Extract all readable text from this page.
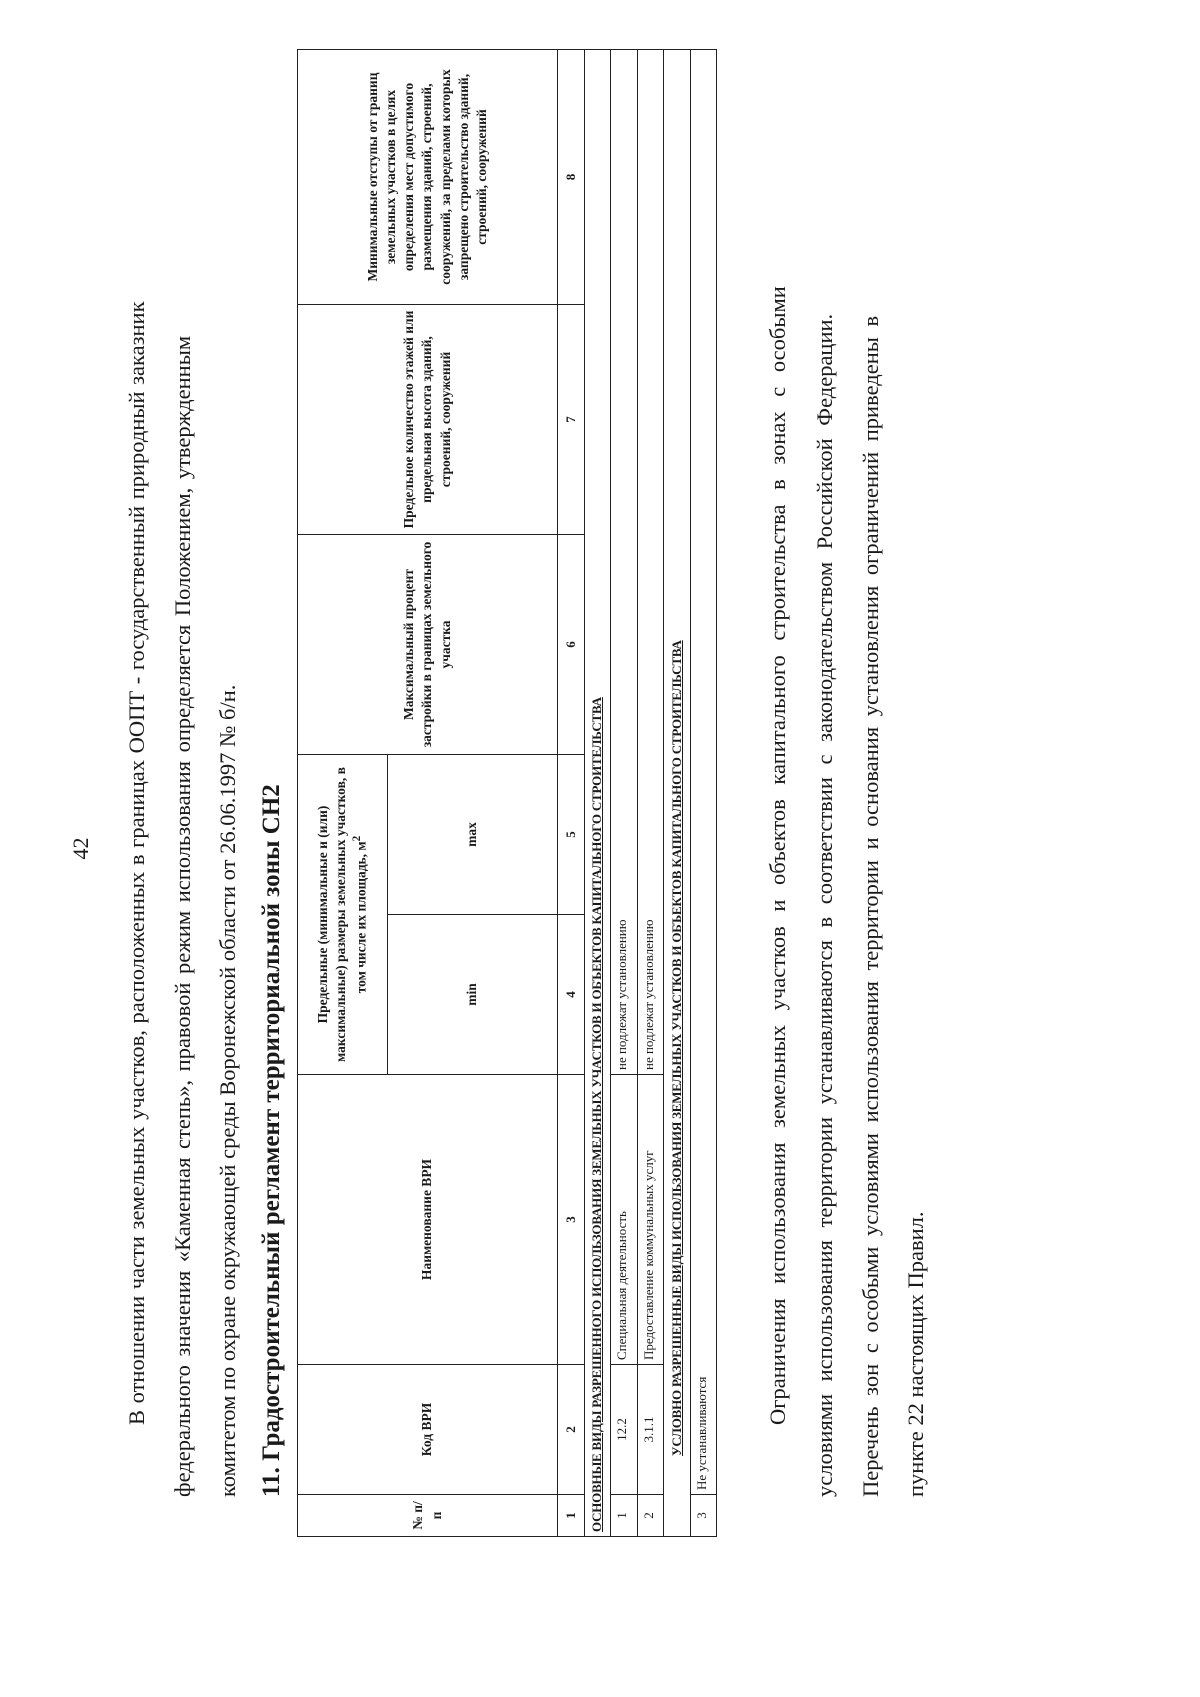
42 В отношении части земельных участков, расположенных в границах ООПТ - государственный природный заказник федерального значения «Каменная степь», правовой режим использования определяется Положением, утвержденным комитетом по охране окружающей среды Воронежской области от 26.06.1997 № б/н. 11. Градостроительный регламент территориальной зоны СН2
№ п/п	Код ВРИ	Наименование ВРИ	Предельные (минимальные и (или) максимальные) размеры земельных участков, в том числе их площадь, $м^2$		Максимальный процент застройки в границах земельного участка	Предельное количество этажей или предельная высота зданий, строений, сооружений	Минимальные отступы от границ земельных участков в целях определения мест допустимого размещения зданий, строений, сооружений, за пределами которых запрещено строительство зданий, строений, сооружений
			min	max			
1	2	3	4	5	6	7	8
ОСНОВНЫЕ ВИДЫ РАЗРЕШЕННОГО ИСПОЛЬЗОВАНИЯ ЗЕМЕЛЬНЫХ УЧАСТКОВ И ОБЪЕКТОВ КАПИТАЛЬНОГО СТРОИТЕЛЬСТВА							
1	12.2	Специальная деятельность	не подлежат установлению				
2	3.1.1	Предоставление коммунальных услуг	не подлежат установлению				
УСЛОВНО РАЗРЕШЕННЫЕ ВИДЫ ИСПОЛЬЗОВАНИЯ ЗЕМЕЛЬНЫХ УЧАСТКОВ И ОБЪЕКТОВ КАПИТАЛЬНОГО СТРОИТЕЛЬСТВА							
3	Не устанавливаются						
Ограничения использования земельных участков и объектов капитального строительства в зонах с особыми условиями использования территории устанавливаются в соответствии с законодательством Российской Федерации. Перечень зон с особыми условиями использования территории и основания установления ограничений приведены в пункте 22 настоящих Правил.
